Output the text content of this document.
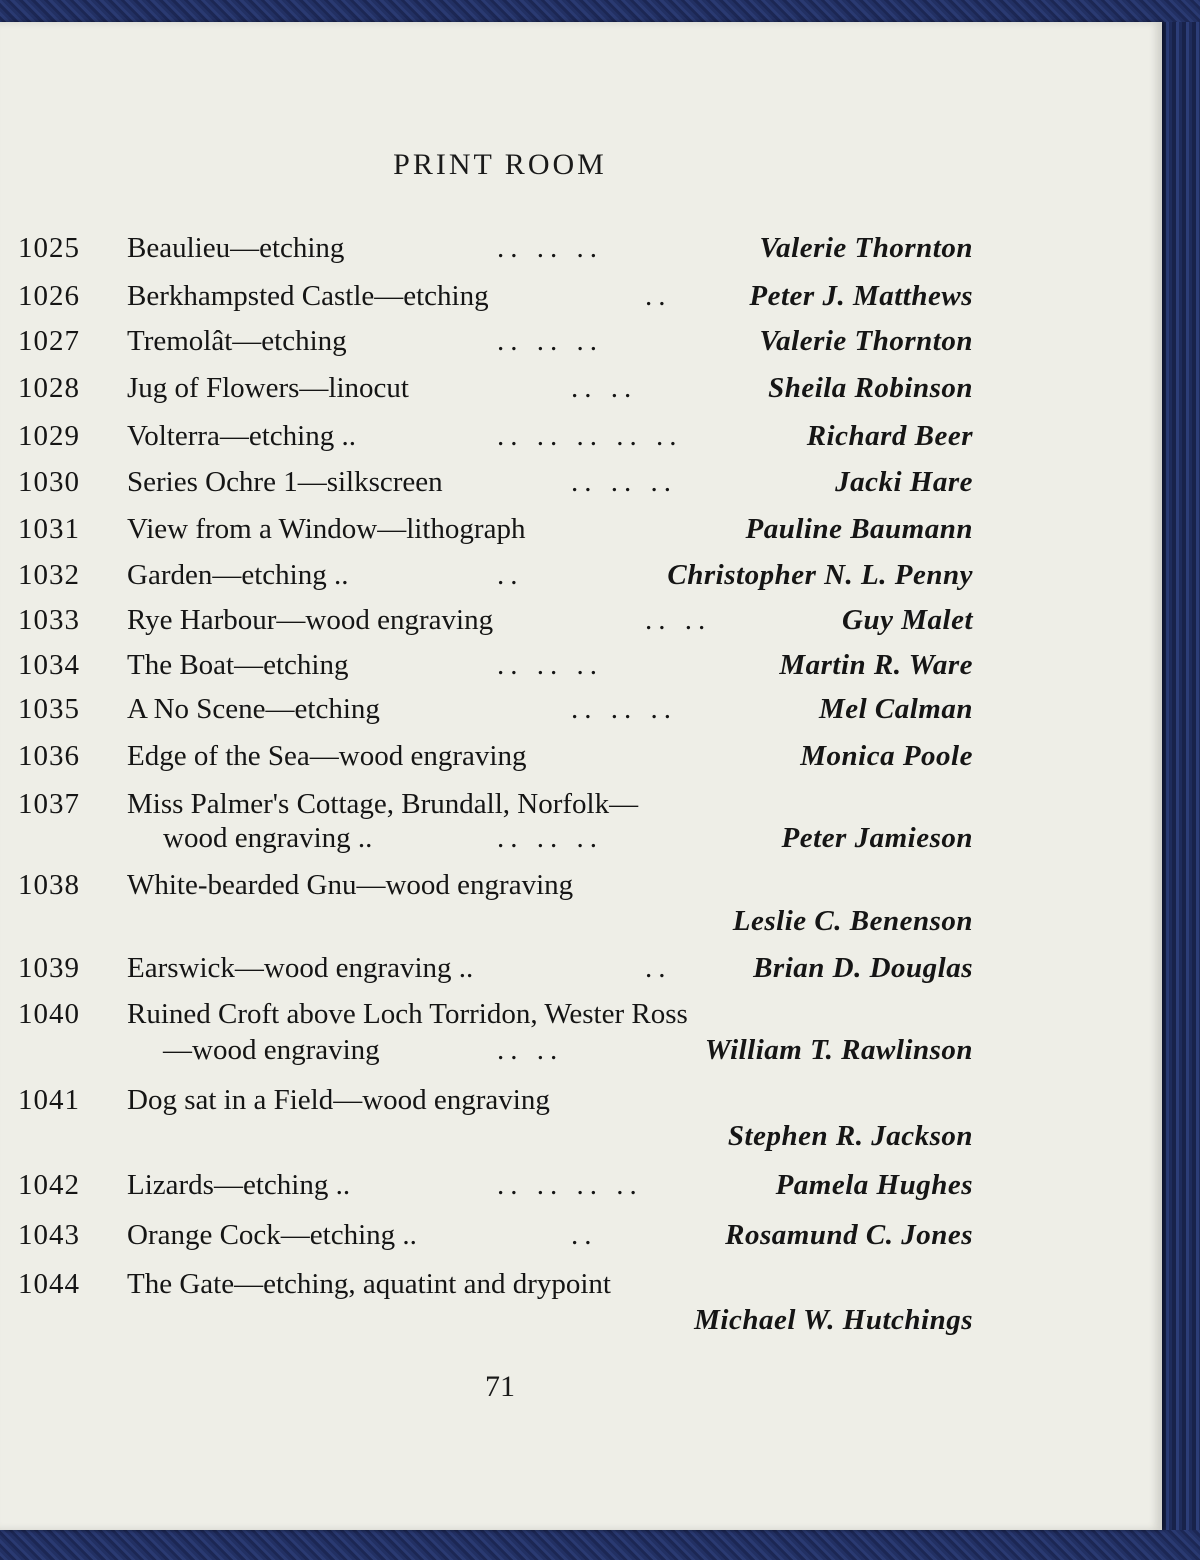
PRINT ROOM
1025 Beaulieu—etching	.. .. ..	Valerie Thornton
1026 Berkhampsted Castle—etching	..	Peter J. Matthews
1027 Tremolât—etching	.. .. ..	Valerie Thornton
1028 Jug of Flowers—linocut	.. ..	Sheila Robinson
1029 Volterra—etching ..	.. .. .. .. ..	Richard Beer
1030 Series Ochre 1—silkscreen	.. .. ..	Jacki Hare
1031 View from a Window—lithograph	Pauline Baumann
1032 Garden—etching ..	..	Christopher N. L. Penny
1033 Rye Harbour—wood engraving	.. ..	Guy Malet
1034 The Boat—etching	.. .. ..	Martin R. Ware
1035 A No Scene—etching	.. .. ..	Mel Calman
1036 Edge of the Sea—wood engraving	Monica Poole
1037 Miss Palmer's Cottage, Brundall, Norfolk—
wood engraving ..	.. .. ..	Peter Jamieson
1038 White-bearded Gnu—wood engraving
Leslie C. Benenson
1039 Earswick—wood engraving ..	..	Brian D. Douglas
1040 Ruined Croft above Loch Torridon, Wester Ross
—wood engraving	.. ..	William T. Rawlinson
1041 Dog sat in a Field—wood engraving
Stephen R. Jackson
1042 Lizards—etching ..	.. .. .. ..	Pamela Hughes
1043 Orange Cock—etching ..	..	Rosamund C. Jones
1044 The Gate—etching, aquatint and drypoint
Michael W. Hutchings
71
